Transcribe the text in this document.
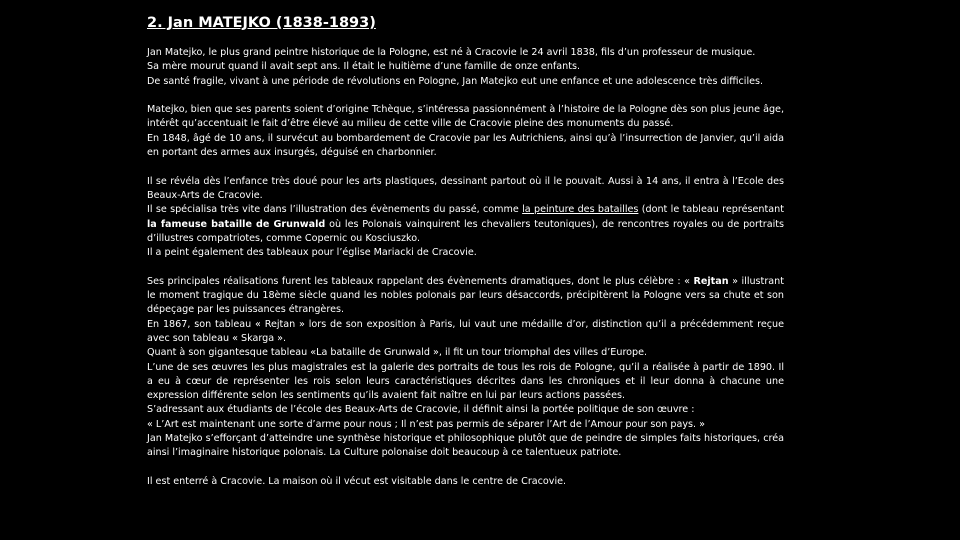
2. Jan MATEJKO (1838-1893)

Jan Matejko, le plus grand peintre historique de la Pologne, est né à Cracovie le 24 avril 1838, fils d’un professeur de musique.
Sa mère mourut quand il avait sept ans. Il était le huitième d’une famille de onze enfants.
De santé fragile, vivant à une période de révolutions en Pologne, Jan Matejko eut une enfance et une adolescence très difficiles.

Matejko, bien que ses parents soient d’origine Tchèque, s’intéressa passionnément à l’histoire de la Pologne dès son plus jeune âge, intérêt qu’accentuait le fait d’être élevé au milieu de cette ville de Cracovie pleine des monuments du passé.
En 1848, âgé de 10 ans, il survécut au bombardement de Cracovie par les Autrichiens, ainsi qu’à l’insurrection de Janvier, qu’il aida en portant des armes aux insurgés, déguisé en charbonnier.

Il se révéla dès l’enfance très doué pour les arts plastiques, dessinant partout où il le pouvait. Aussi à 14 ans, il entra à l’Ecole des Beaux-Arts de Cracovie.
Il se spécialisa très vite dans l’illustration des évènements du passé, comme la peinture des batailles (dont le tableau représentant la fameuse bataille de Grunwald où les Polonais vainquirent les chevaliers teutoniques), de rencontres royales ou de portraits d’illustres compatriotes, comme Copernic ou Kosciuszko.
Il a peint également des tableaux pour l’église Mariacki de Cracovie.

Ses principales réalisations furent les tableaux rappelant des évènements dramatiques, dont le plus célèbre : « Rejtan » illustrant le moment tragique du 18ème siècle quand les nobles polonais par leurs désaccords, précipitèrent la Pologne vers sa chute et son dépeçage par les puissances étrangères.
En 1867, son tableau « Rejtan » lors de son exposition à Paris, lui vaut une médaille d’or, distinction qu’il a précédemment reçue avec son tableau « Skarga ».
Quant à son gigantesque tableau «La bataille de Grunwald », il fit un tour triomphal des villes d’Europe.
L’une de ses œuvres les plus magistrales est la galerie des portraits de tous les rois de Pologne, qu’il a réalisée à partir de 1890. Il a eu à cœur de représenter les rois selon leurs caractéristiques décrites dans les chroniques et il leur donna à chacune une expression différente selon les sentiments qu’ils avaient fait naître en lui par leurs actions passées.
S’adressant aux étudiants de l’école des Beaux-Arts de Cracovie, il définit ainsi la portée politique de son œuvre :
« L’Art est maintenant une sorte d’arme pour nous ; Il n’est pas permis de séparer l’Art de l’Amour pour son pays. »
Jan Matejko s’efforçant d’atteindre une synthèse historique et philosophique plutôt que de peindre de simples faits historiques, créa ainsi l’imaginaire historique polonais. La Culture polonaise doit beaucoup à ce talentueux patriote.

Il est enterré à Cracovie. La maison où il vécut est visitable dans le centre de Cracovie.
